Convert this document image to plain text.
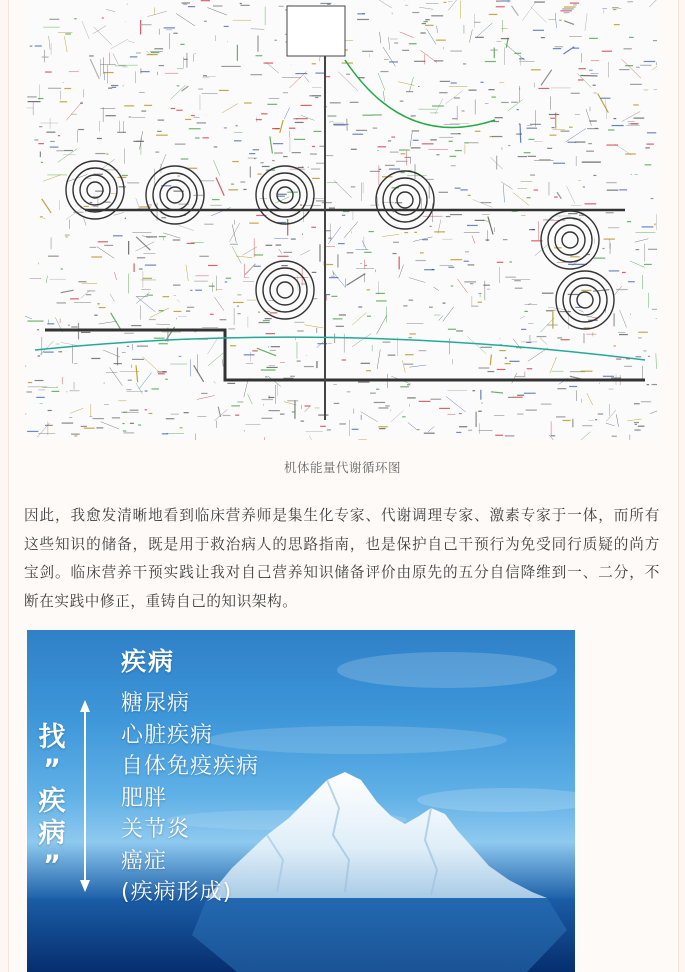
机体能量代谢循环图

因此，我愈发清晰地看到临床营养师是集生化专家、代谢调理专家、激素专家于一体，而所有这些知识的储备，既是用于救治病人的思路指南，也是保护自己干预行为免受同行质疑的尚方宝剑。临床营养干预实践让我对自己营养知识储备评价由原先的五分自信降维到一、二分，不断在实践中修正，重铸自己的知识架构。

疾病
糖尿病
心脏疾病
自体免疫疾病
肥胖
关节炎
癌症
(疾病形成)
找
”
疾
病
”
